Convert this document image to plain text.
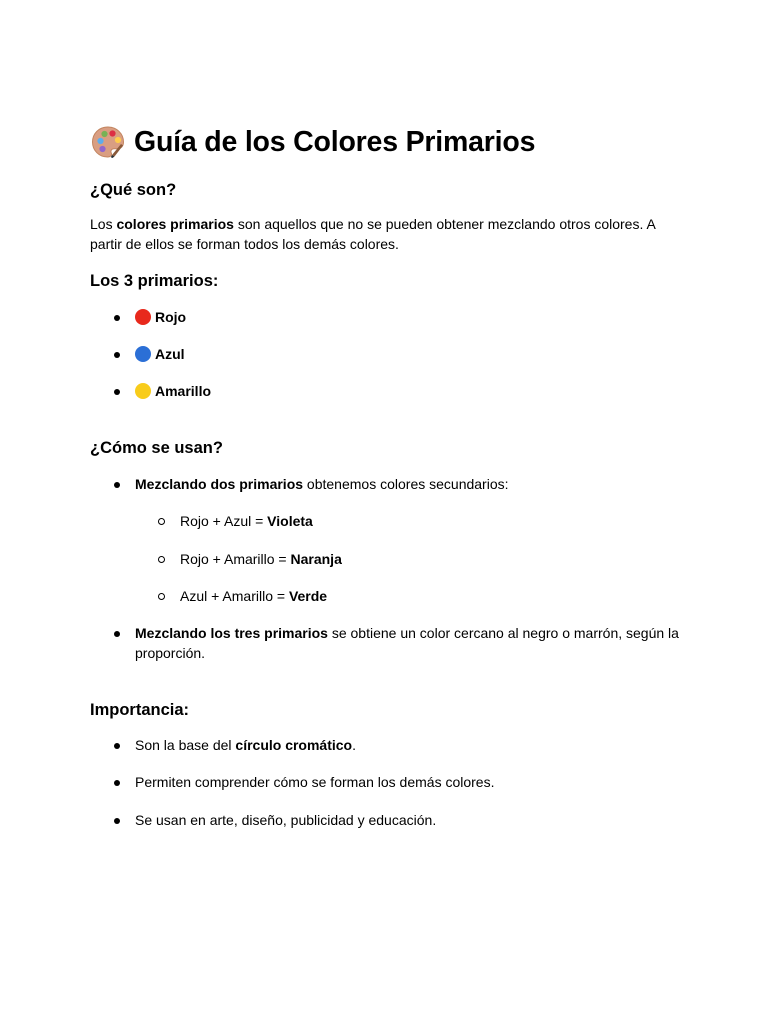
Guía de los Colores Primarios
¿Qué son?

Los colores primarios son aquellos que no se pueden obtener mezclando otros colores. A
partir de ellos se forman todos los demás colores.

Los 3 primarios:
Rojo
Azul
Amarillo
¿Cómo se usan?
Mezclando dos primarios obtenemos colores secundarios:
Rojo + Azul = Violeta
Rojo + Amarillo = Naranja
Azul + Amarillo = Verde
Mezclando los tres primarios se obtiene un color cercano al negro o marrón, según la
proporción.
Importancia:
Son la base del círculo cromático.
Permiten comprender cómo se forman los demás colores.
Se usan en arte, diseño, publicidad y educación.
